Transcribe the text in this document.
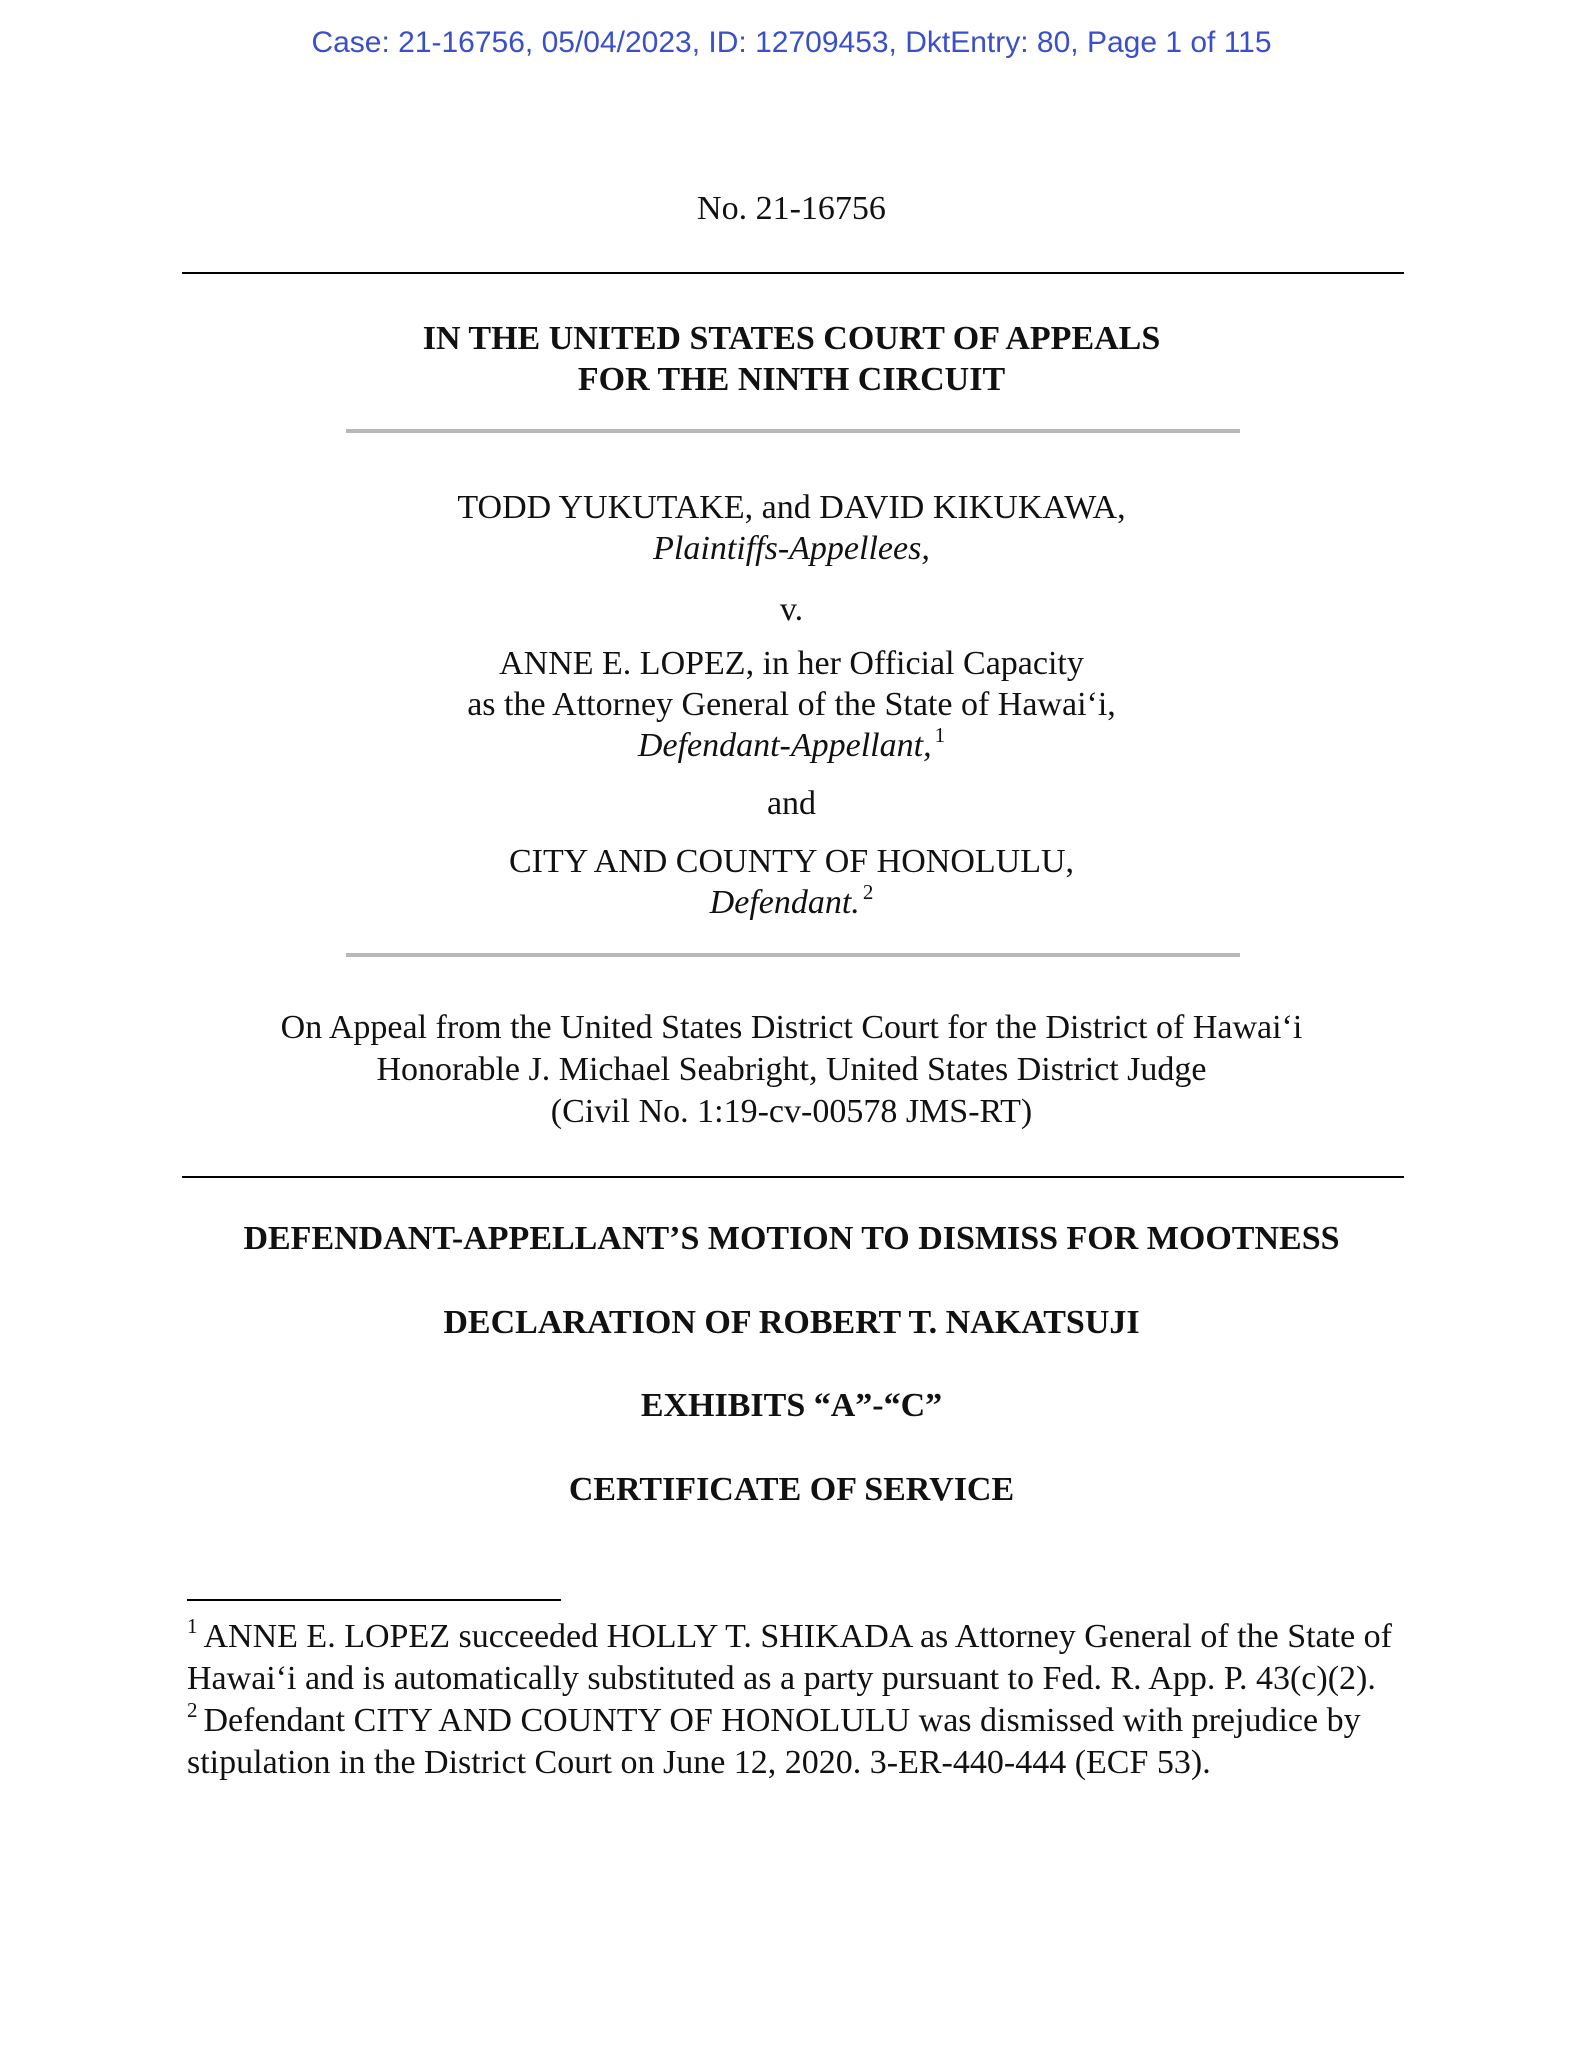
Case: 21-16756, 05/04/2023, ID: 12709453, DktEntry: 80, Page 1 of 115
No. 21-16756
IN THE UNITED STATES COURT OF APPEALS
FOR THE NINTH CIRCUIT
TODD YUKUTAKE, and DAVID KIKUKAWA,
Plaintiffs-Appellees,
v.
ANNE E. LOPEZ, in her Official Capacity
as the Attorney General of the State of Hawai‘i,
Defendant-Appellant, $^1$
and
CITY AND COUNTY OF HONOLULU,
Defendant. $^2$
On Appeal from the United States District Court for the District of Hawai‘i
Honorable J. Michael Seabright, United States District Judge
(Civil No. 1:19-cv-00578 JMS-RT)
DEFENDANT-APPELLANT’S MOTION TO DISMISS FOR MOOTNESS
DECLARATION OF ROBERT T. NAKATSUJI
EXHIBITS “A”-“C”
CERTIFICATE OF SERVICE
$^1$ ANNE E. LOPEZ succeeded HOLLY T. SHIKADA as Attorney General of the State of Hawai‘i and is automatically substituted as a party pursuant to Fed. R. App. P. 43(c)(2).
$^2$ Defendant CITY AND COUNTY OF HONOLULU was dismissed with prejudice by stipulation in the District Court on June 12, 2020. 3-ER-440-444 (ECF 53).
